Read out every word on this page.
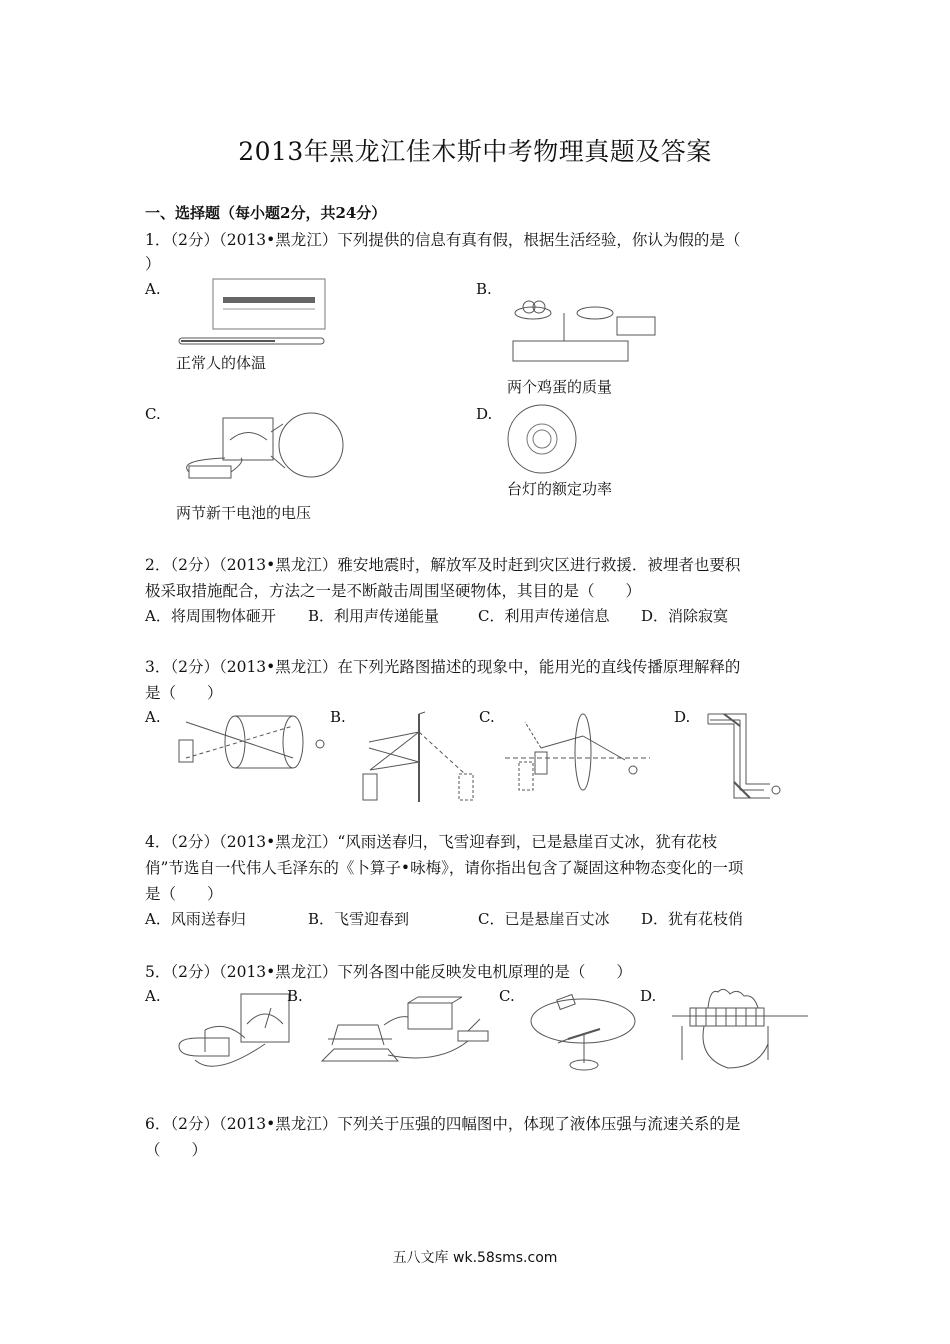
2013年黑龙江佳木斯中考物理真题及答案
一、选择题（每小题2分，共24分）
1．（2分）（2013•黑龙江）下列提供的信息有真有假，根据生活经验，你认为假的是（
）
A.
正常人的体温
B.
两个鸡蛋的质量
C.
两节新干电池的电压
D.
台灯的额定功率
2．（2分）（2013•黑龙江）雅安地震时，解放军及时赶到灾区进行救援．被埋者也要积
极采取措施配合，方法之一是不断敲击周围坚硬物体，其目的是（　　）
A．将周围物体砸开 B．利用声传递能量	C．利用声传递信息 D．消除寂寞
3．（2分）（2013•黑龙江）在下列光路图描述的现象中，能用光的直线传播原理解释的
是（　　）
A.	B.	C.	D.
4．（2分）（2013•黑龙江）“风雨送春归，飞雪迎春到，已是悬崖百丈冰，犹有花枝
俏”节选自一代伟人毛泽东的《卜算子•咏梅》，请你指出包含了凝固这种物态变化的一项
是（　　）
A．风雨送春归	B．飞雪迎春到	C．已是悬崖百丈冰 D．犹有花枝俏
5．（2分）（2013•黑龙江）下列各图中能反映发电机原理的是（　　）
A.	B.	C.	D.
6．（2分）（2013•黑龙江）下列关于压强的四幅图中，体现了液体压强与流速关系的是
（　　）
五八文库 wk.58sms.com
